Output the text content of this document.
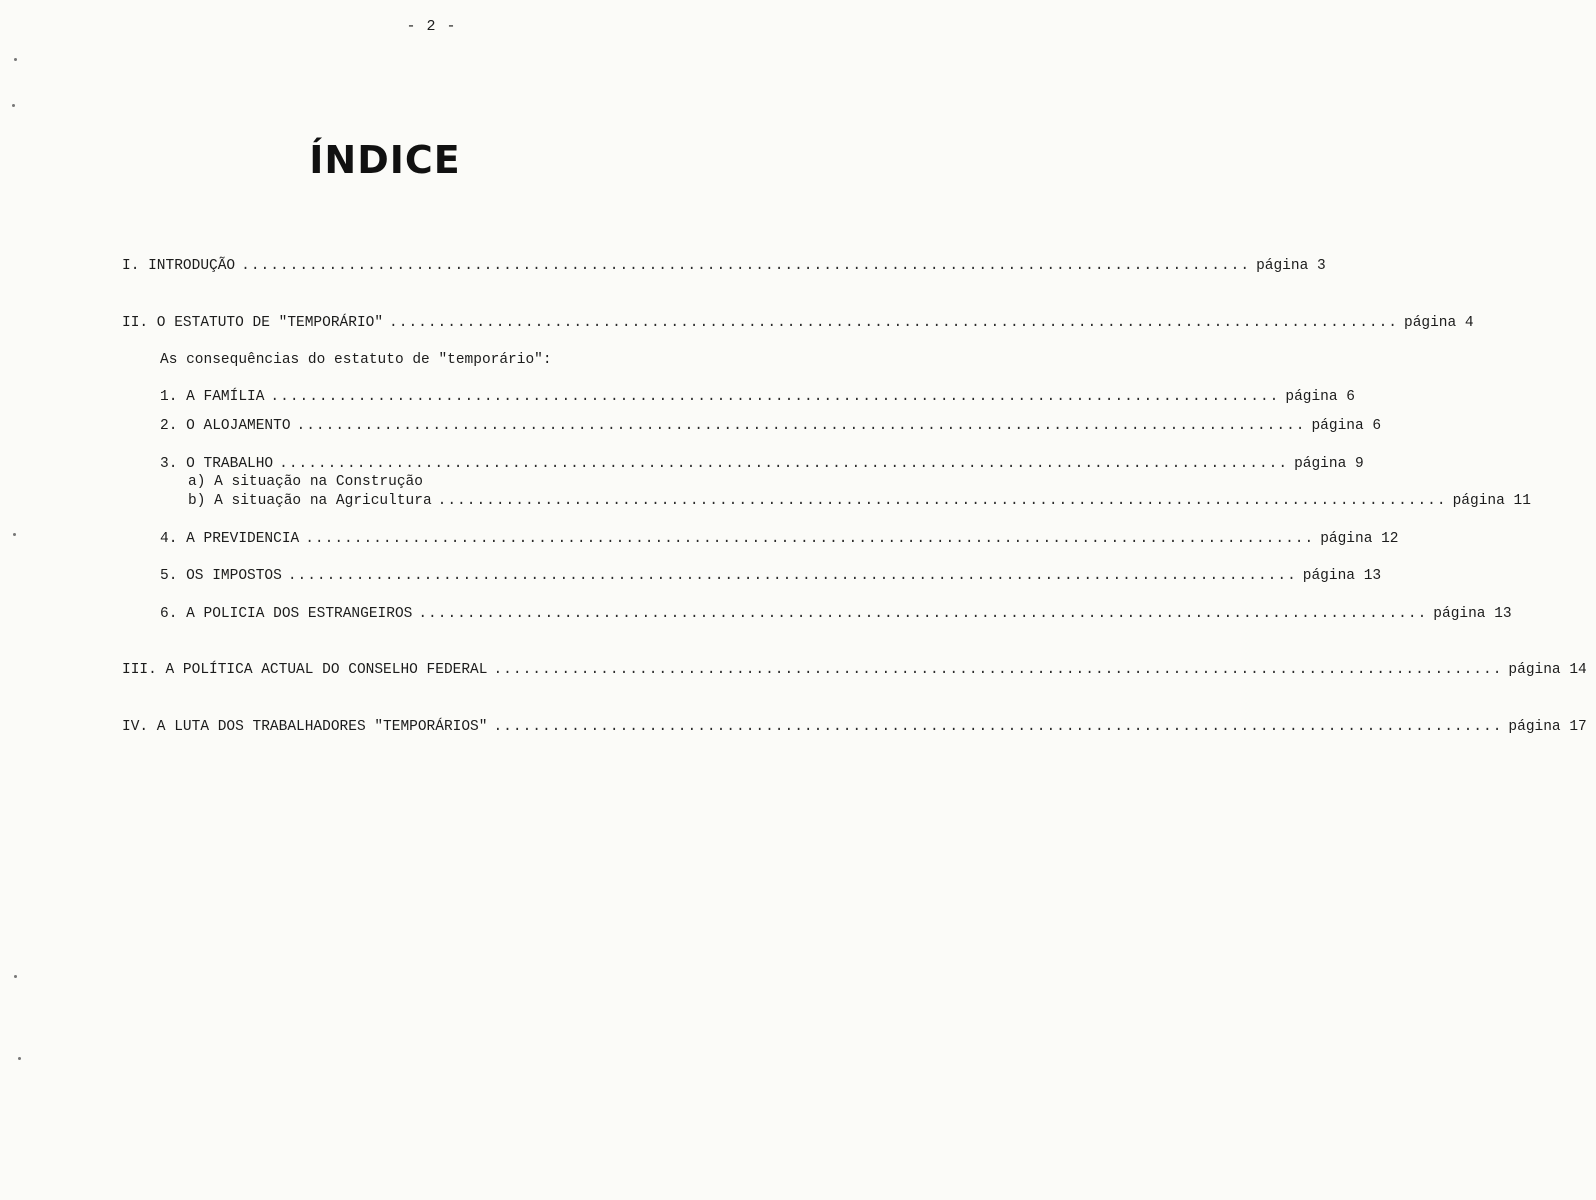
- 2 -
ÍNDICE
I. INTRODUÇÃO ........................................................................................................ página 3
II. O ESTATUTO DE "TEMPORÁRIO" ........................................................................................................ página 4
As consequências do estatuto de "temporário":
1. A FAMÍLIA ........................................................................................................ página 6
2. O ALOJAMENTO ........................................................................................................ página 6
3. O TRABALHO ........................................................................................................ página 9
a) A situação na Construção
b) A situação na Agricultura ........................................................................................................ página 11
4. A PREVIDENCIA ........................................................................................................ página 12
5. OS IMPOSTOS ........................................................................................................ página 13
6. A POLICIA DOS ESTRANGEIROS ........................................................................................................ página 13
III. A POLÍTICA ACTUAL DO CONSELHO FEDERAL ........................................................................................................ página 14
IV. A LUTA DOS TRABALHADORES "TEMPORÁRIOS" ........................................................................................................ página 17
